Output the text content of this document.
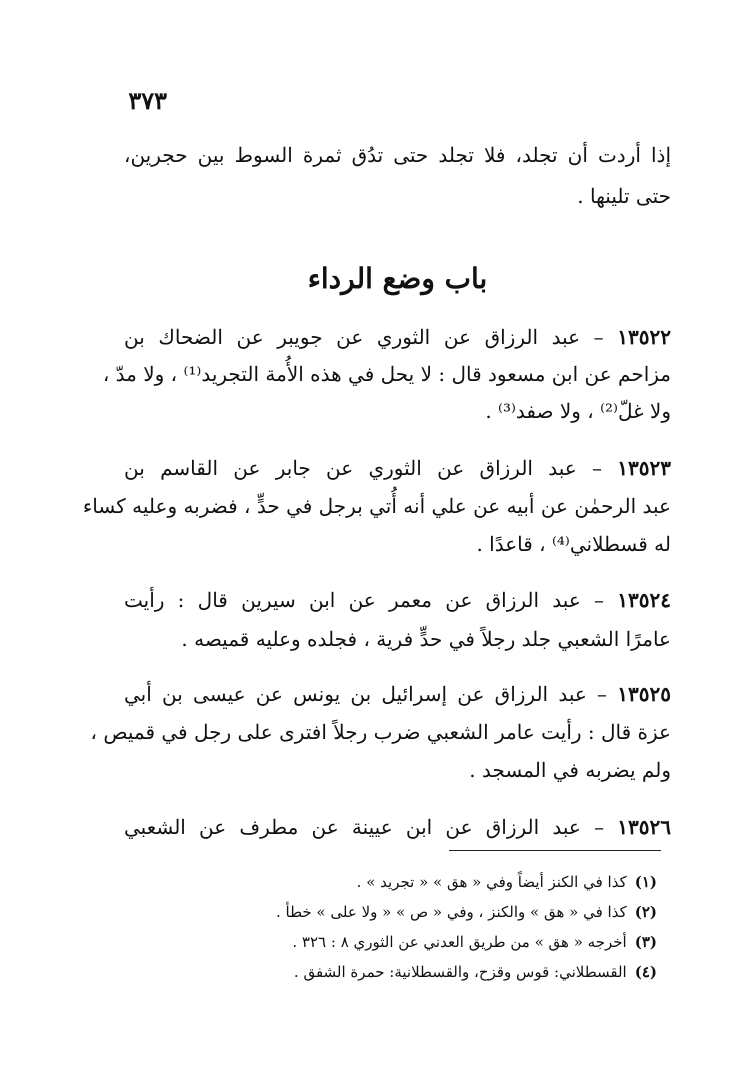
٣٧٣
إذا أردت أن تجلد، فلا تجلد حتى تدُق ثمرة السوط بين حجرين،
حتى تلينها .
باب وضع الرداء
١٣٥٢٢ – عبد الرزاق عن الثوري عن جويبر عن الضحاك بن
مزاحم عن ابن مسعود قال : لا يحل في هذه الأُمة التجريد⁽¹⁾ ، ولا مدّ ،
ولا غلّ⁽²⁾ ، ولا صفد⁽³⁾ .
١٣٥٢٣ – عبد الرزاق عن الثوري عن جابر عن القاسم بن
عبد الرحمٰن عن أبيه عن علي أنه أُتي برجل في حدٍّ ، فضربه وعليه كساء
له قسطلاني⁽⁴⁾ ، قاعدًا .
١٣٥٢٤ – عبد الرزاق عن معمر عن ابن سيرين قال : رأيت
عامرًا الشعبي جلد رجلاً في حدٍّ فرية ، فجلده وعليه قميصه .
١٣٥٢٥ – عبد الرزاق عن إسرائيل بن يونس عن عيسى بن أبي
عزة قال : رأيت عامر الشعبي ضرب رجلاً افترى على رجل في قميص ،
ولم يضربه في المسجد .
١٣٥٢٦ – عبد الرزاق عن ابن عيينة عن مطرف عن الشعبي
(١)كذا في الكنز أيضاً وفي « هق » « تجريد » .
(٢)كذا في « هق » والكنز ، وفي « ص » « ولا على » خطأ .
(٣)أخرجه « هق » من طريق العدني عن الثوري ٨ : ٣٢٦ .
(٤)القسطلاني: قوس وقزح، والقسطلانية: حمرة الشفق .
